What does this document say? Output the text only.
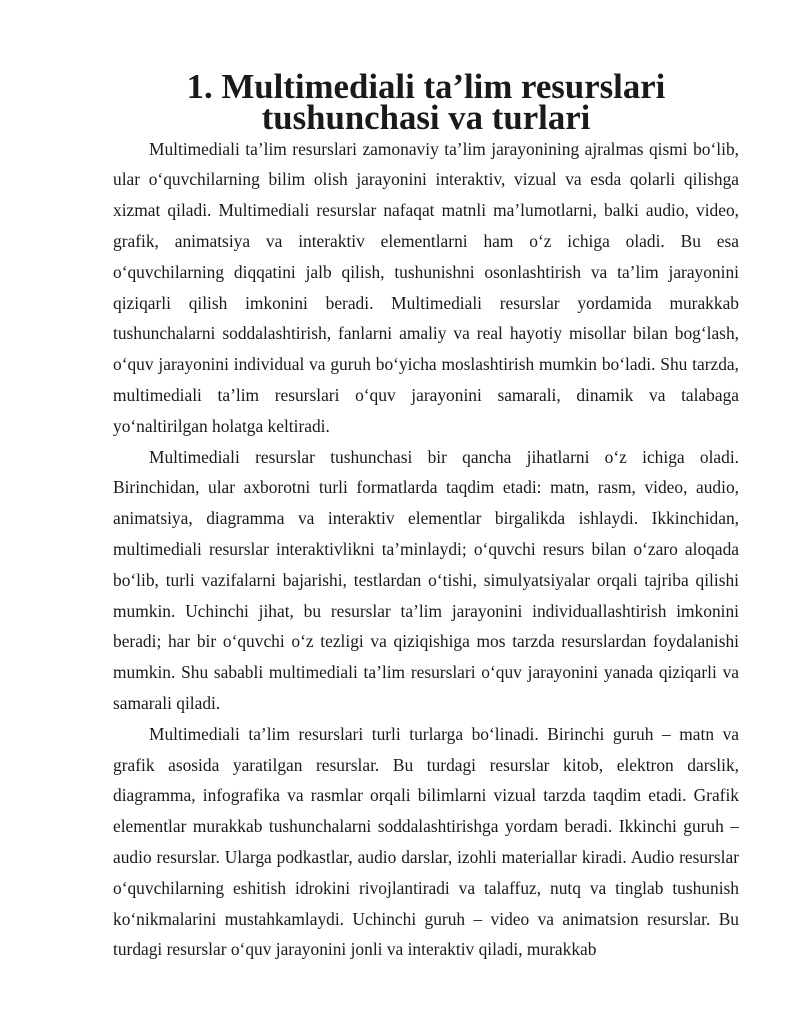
1. Multimediali ta’lim resurslari tushunchasi va turlari

Multimediali ta’lim resurslari zamonaviy ta’lim jarayonining ajralmas qismi bo‘lib, ular o‘quvchilarning bilim olish jarayonini interaktiv, vizual va esda qolarli qilishga xizmat qiladi. Multimediali resurslar nafaqat matnli ma’lumotlarni, balki audio, video, grafik, animatsiya va interaktiv elementlarni ham o‘z ichiga oladi. Bu esa o‘quvchilarning diqqatini jalb qilish, tushunishni osonlashtirish va ta’lim jarayonini qiziqarli qilish imkonini beradi. Multimediali resurslar yordamida murakkab tushunchalarni soddalashtirish, fanlarni amaliy va real hayotiy misollar bilan bog‘lash, o‘quv jarayonini individual va guruh bo‘yicha moslashtirish mumkin bo‘ladi. Shu tarzda, multimediali ta’lim resurslari o‘quv jarayonini samarali, dinamik va talabaga yo‘naltirilgan holatga keltiradi.

Multimediali resurslar tushunchasi bir qancha jihatlarni o‘z ichiga oladi. Birinchidan, ular axborotni turli formatlarda taqdim etadi: matn, rasm, video, audio, animatsiya, diagramma va interaktiv elementlar birgalikda ishlaydi. Ikkinchidan, multimediali resurslar interaktivlikni ta’minlaydi; o‘quvchi resurs bilan o‘zaro aloqada bo‘lib, turli vazifalarni bajarishi, testlardan o‘tishi, simulyatsiyalar orqali tajriba qilishi mumkin. Uchinchi jihat, bu resurslar ta’lim jarayonini individuallashtirish imkonini beradi; har bir o‘quvchi o‘z tezligi va qiziqishiga mos tarzda resurslardan foydalanishi mumkin. Shu sababli multimediali ta’lim resurslari o‘quv jarayonini yanada qiziqarli va samarali qiladi.

Multimediali ta’lim resurslari turli turlarga bo‘linadi. Birinchi guruh – matn va grafik asosida yaratilgan resurslar. Bu turdagi resurslar kitob, elektron darslik, diagramma, infografika va rasmlar orqali bilimlarni vizual tarzda taqdim etadi. Grafik elementlar murakkab tushunchalarni soddalashtirishga yordam beradi. Ikkinchi guruh – audio resurslar. Ularga podkastlar, audio darslar, izohli materiallar kiradi. Audio resurslar o‘quvchilarning eshitish idrokini rivojlantiradi va talaffuz, nutq va tinglab tushunish ko‘nikmalarini mustahkamlaydi. Uchinchi guruh – video va animatsion resurslar. Bu turdagi resurslar o‘quv jarayonini jonli va interaktiv qiladi, murakkab
